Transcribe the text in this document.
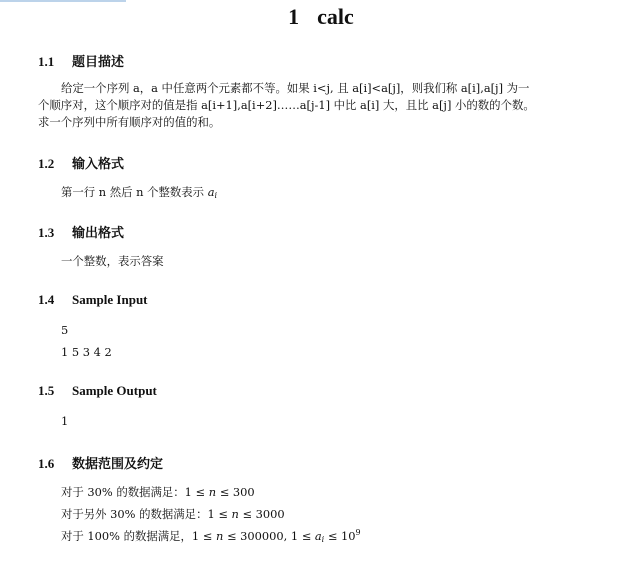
1 calc
1.1 题目描述
给定一个序列 a，a 中任意两个元素都不等。如果 i<j, 且 a[i]<a[j]，则我们称 a[i],a[j] 为一
个顺序对，这个顺序对的值是指 a[i+1],a[i+2]……a[j-1] 中比 a[i] 大，且比 a[j] 小的数的个数。
求一个序列中所有顺序对的值的和。
1.2 输入格式
第一行 n 然后 n 个整数表示 $a_i$
1.3 输出格式
一个整数，表示答案
1.4 Sample Input
5
1 5 3 4 2
1.5 Sample Output
1
1.6 数据范围及约定
对于 30% 的数据满足：1 ≤ n ≤ 300
对于另外 30% 的数据满足：1 ≤ n ≤ 3000
对于 100% 的数据满足，1 ≤ n ≤ 300000, $1 \le a_i \le 10^9$
